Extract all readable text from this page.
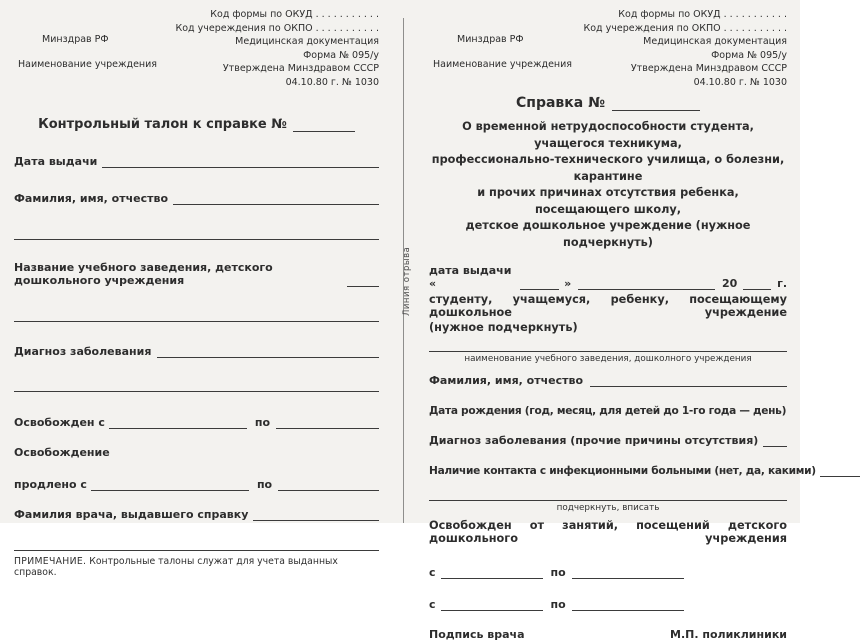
Минздрав РФ
Наименование учреждения
Код формы по ОКУД . . . . . . . . . . .
Код учереждения по ОКПО . . . . . . . . . . .
Медицинская документация
Форма № 095/у
Утверждена Минздравом СССР
04.10.80 г. № 1030
Контрольный талон к справке №
Дата выдачи
Фамилия, имя, отчество
Название учебного заведения, детского дошкольного учреждения
Диагноз заболевания
Освобожден с	по
Освобождение
продлено с	по
Фамилия врача, выдавшего справку
ПРИМЕЧАНИЕ. Контрольные талоны служат для учета выданных справок.
Линия отрыва
Минздрав РФ
Наименование учреждения
Код формы по ОКУД . . . . . . . . . . .
Код учереждения по ОКПО . . . . . . . . . . .
Медицинская документация
Форма № 095/у
Утверждена Минздравом СССР
04.10.80 г. № 1030
Справка №
О временной нетрудоспособности студента, учащегося техникума,
профессионально-технического училища, о болезни, карантине
и прочих причинах отсутствия ребенка, посещающего школу,
детское дошкольное учреждение (нужное подчеркнуть)
дата выдачи «	»	20	г.
студенту, учащемуся, ребенку, посещающему дошкольное учреждение
(нужное подчеркнуть)
наименование учебного заведения, дошколного учреждения
Фамилия, имя, отчество
Дата рождения (год, месяц, для детей до 1-го года — день)
Диагноз заболевания (прочие причины отсутствия)
Наличие контакта с инфекционными больными (нет, да, какими)
подчеркнуть, вписать
Освобожден от занятий, посещений детского дошкольного учреждения
с	по
с	по
Подпись врача	М.П. поликлиники
